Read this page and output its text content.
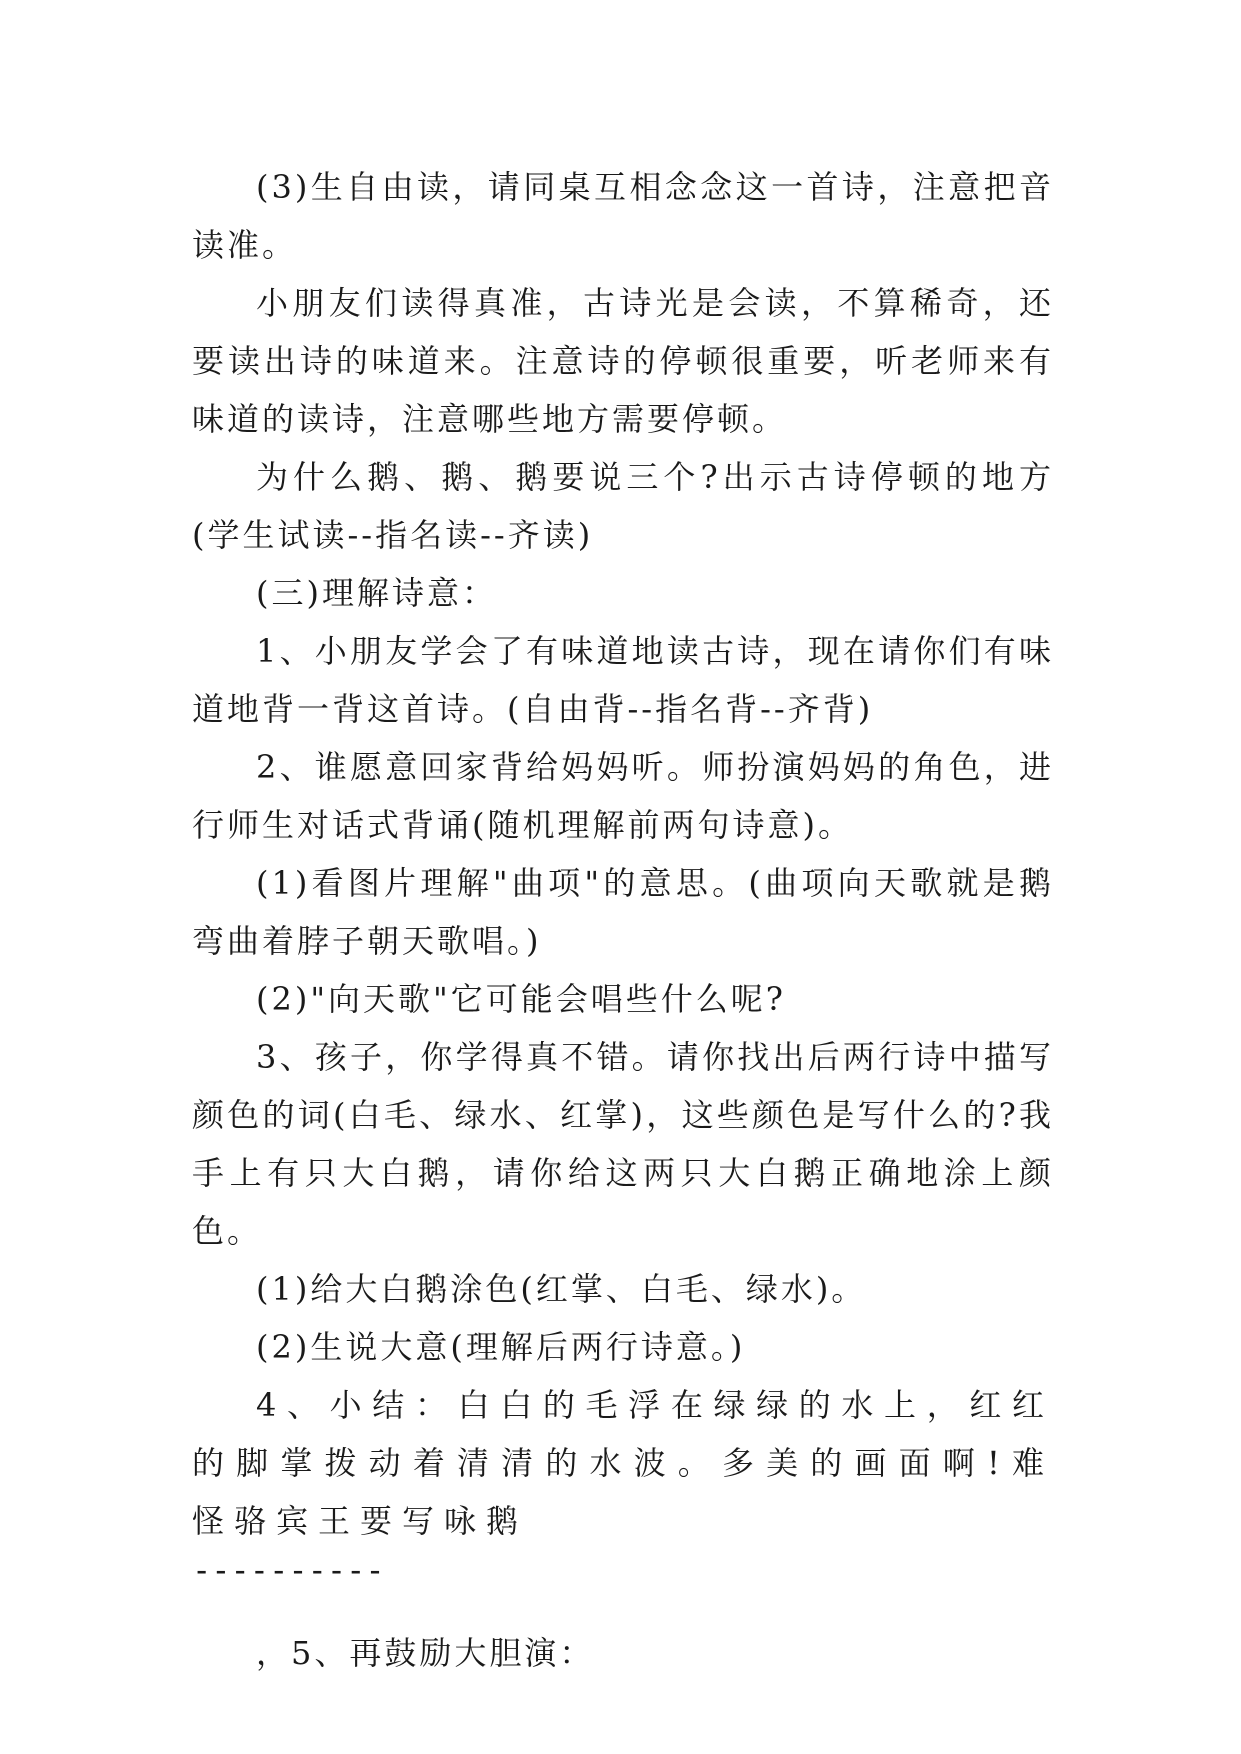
(3)生自由读，请同桌互相念念这一首诗，注意把音读准。

小朋友们读得真准，古诗光是会读，不算稀奇，还要读出诗的味道来。注意诗的停顿很重要，听老师来有味道的读诗，注意哪些地方需要停顿。

为什么鹅、鹅、鹅要说三个?出示古诗停顿的地方(学生试读--指名读--齐读)

(三)理解诗意：

1、小朋友学会了有味道地读古诗，现在请你们有味道地背一背这首诗。(自由背--指名背--齐背)

2、谁愿意回家背给妈妈听。师扮演妈妈的角色，进行师生对话式背诵(随机理解前两句诗意)。

(1)看图片理解"曲项"的意思。(曲项向天歌就是鹅弯曲着脖子朝天歌唱。)

(2)"向天歌"它可能会唱些什么呢?

3、孩子，你学得真不错。请你找出后两行诗中描写颜色的词(白毛、绿水、红掌)，这些颜色是写什么的?我手上有只大白鹅，请你给这两只大白鹅正确地涂上颜色。

(1)给大白鹅涂色(红掌、白毛、绿水)。

(2)生说大意(理解后两行诗意。)

4、小结：白白的毛浮在绿绿的水上，红红的脚掌拨动着清清的水波。多美的画面啊!难怪骆宾王要写咏鹅

----------

，5、再鼓励大胆演：
